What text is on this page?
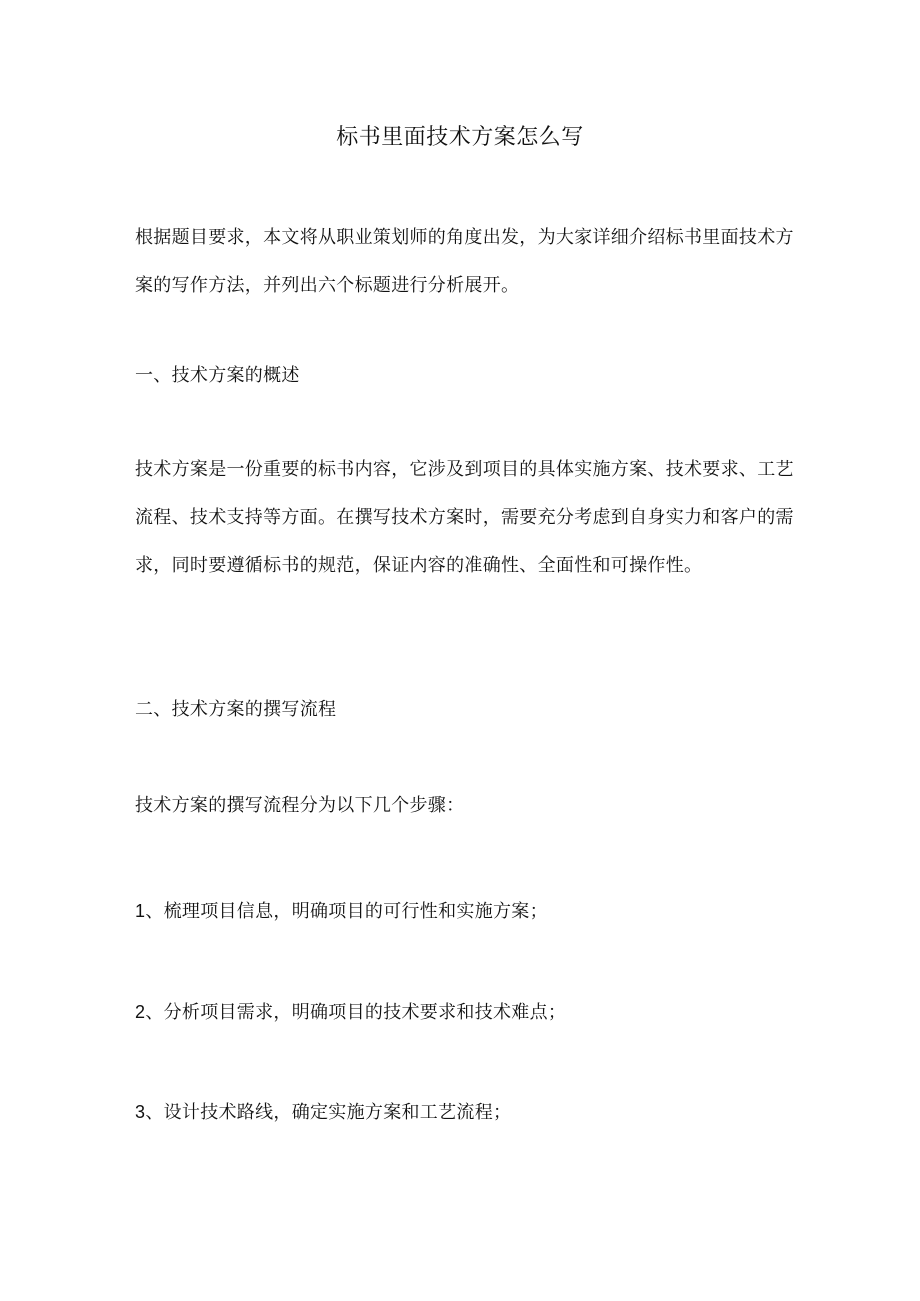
标书里面技术方案怎么写

根据题目要求，本文将从职业策划师的角度出发，为大家详细介绍标书里面技术方案的写作方法，并列出六个标题进行分析展开。

一、技术方案的概述

技术方案是一份重要的标书内容，它涉及到项目的具体实施方案、技术要求、工艺流程、技术支持等方面。在撰写技术方案时，需要充分考虑到自身实力和客户的需求，同时要遵循标书的规范，保证内容的准确性、全面性和可操作性。

二、技术方案的撰写流程

技术方案的撰写流程分为以下几个步骤：

1、梳理项目信息，明确项目的可行性和实施方案；

2、分析项目需求，明确项目的技术要求和技术难点；

3、设计技术路线，确定实施方案和工艺流程；
